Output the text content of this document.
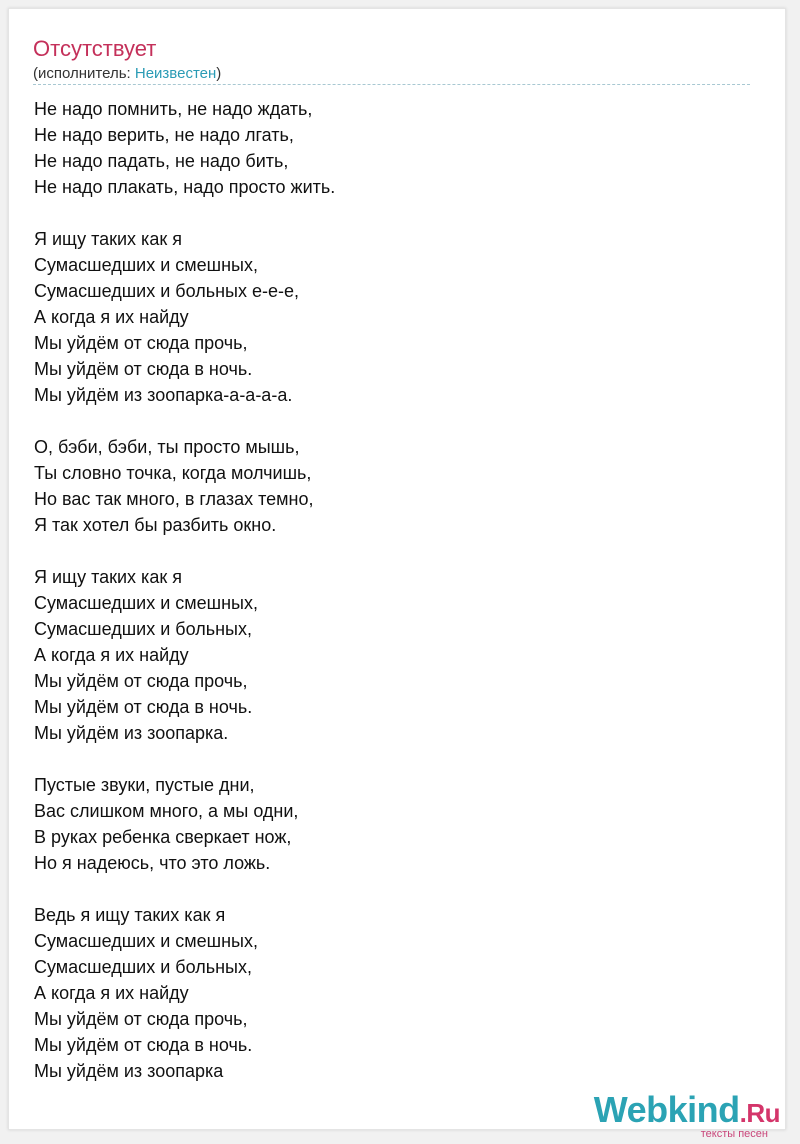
Отсутствует
(исполнитель: Неизвестен)
Не надо помнить, не надо ждать,
Не надо верить, не надо лгать,
Не надо падать, не надо бить,
Не надо плакать, надо просто жить.
Я ищу таких как я
Сумасшедших и смешных,
Сумасшедших и больных е-е-е,
А когда я их найду
Мы уйдём от сюда прочь,
Мы уйдём от сюда в ночь.
Мы уйдём из зоопарка-а-а-а-а.
О, бэби, бэби, ты просто мышь,
Ты словно точка, когда молчишь,
Но вас так много, в глазах темно,
Я так хотел бы разбить окно.
Я ищу таких как я
Сумасшедших и смешных,
Сумасшедших и больных,
А когда я их найду
Мы уйдём от сюда прочь,
Мы уйдём от сюда в ночь.
Мы уйдём из зоопарка.
Пустые звуки, пустые дни,
Вас слишком много, а мы одни,
В руках ребенка сверкает нож,
Но я надеюсь, что это ложь.
Ведь я ищу таких как я
Сумасшедших и смешных,
Сумасшедших и больных,
А когда я их найду
Мы уйдём от сюда прочь,
Мы уйдём от сюда в ночь.
Мы уйдём из зоопарка
Webkind.Ru
тексты песен
